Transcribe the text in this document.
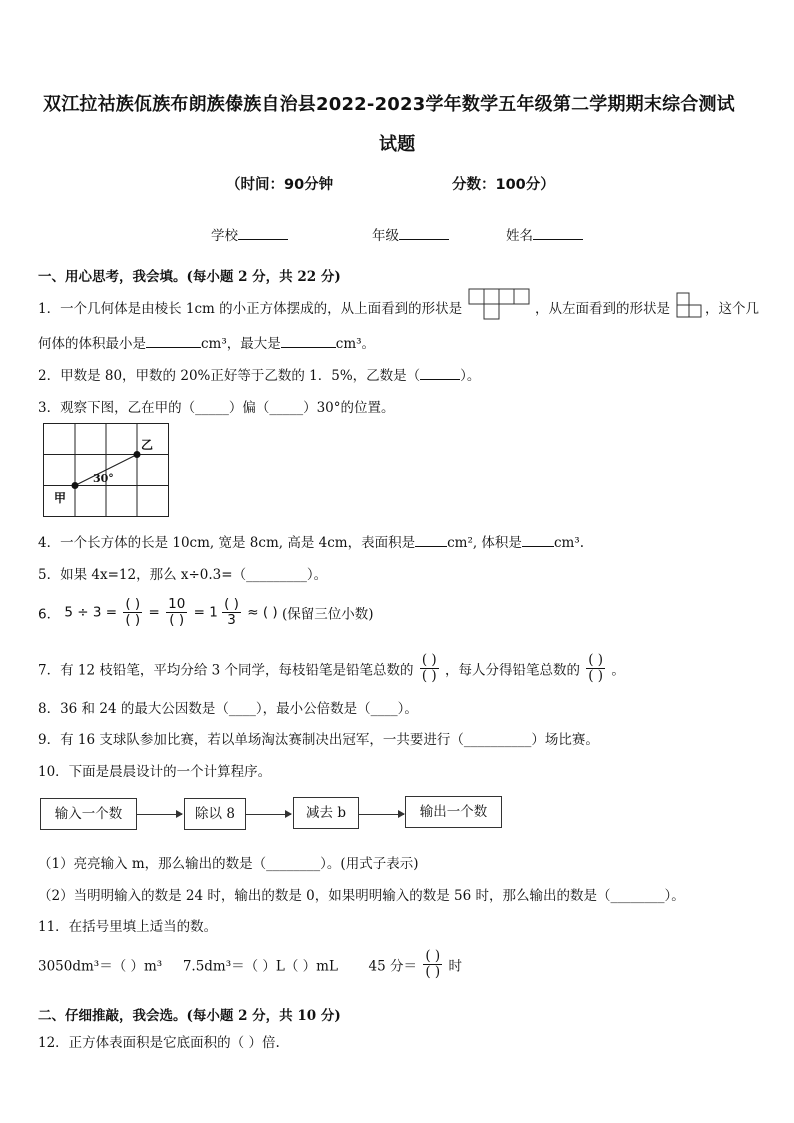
双江拉祜族佤族布朗族傣族自治县2022-2023学年数学五年级第二学期期末综合测试
试题
（时间：90分钟	分数：100分）
学校	年级	姓名
一、用心思考，我会填。(每小题 2 分，共 22 分)
1．一个几何体是由棱长 1cm 的小正方体摆成的，从上面看到的形状是	，从左面看到的形状是	，这个几
何体的体积最小是	cm³，最大是	cm³。
2．甲数是 80，甲数的 20%正好等于乙数的 1．5%，乙数是（	）。
3．观察下图，乙在甲的（_____）偏（_____）30°的位置。
甲
乙
30°
4．一个长方体的长是 10cm, 宽是 8cm, 高是 4cm，表面积是 cm², 体积是 cm³.
5．如果 4x=12，那么 x÷0.3=（_________）。
6． $5 \div 3 = \frac{( )}{( )} = \frac{10}{( )} = 1 \frac{( )}{3}$ ≈ ( ) (保留三位小数)
7．有 12 枝铅笔，平均分给 3 个同学，每枝铅笔是铅笔总数的 $\frac{( )}{( )}$ ，每人分得铅笔总数的 $\frac{( )}{( )}$ 。
8．36 和 24 的最大公因数是（____），最小公倍数是（____）。
9．有 16 支球队参加比赛，若以单场淘汰赛制决出冠军，一共要进行（__________）场比赛。
10．下面是晨晨设计的一个计算程序。
输入一个数	除以 8	减去 b	输出一个数
（1）亮亮输入 m，那么输出的数是（________）。(用式子表示)
（2）当明明输入的数是 24 时，输出的数是 0，如果明明输入的数是 56 时，那么输出的数是（________）。
11．在括号里填上适当的数。
3050dm³＝（ ）m³ 7.5dm³＝（ ）L（ ）mL 45 分＝ $\frac{( )}{( )}$ 时
二、仔细推敲，我会选。(每小题 2 分，共 10 分)
12．正方体表面积是它底面积的（ ）倍.
